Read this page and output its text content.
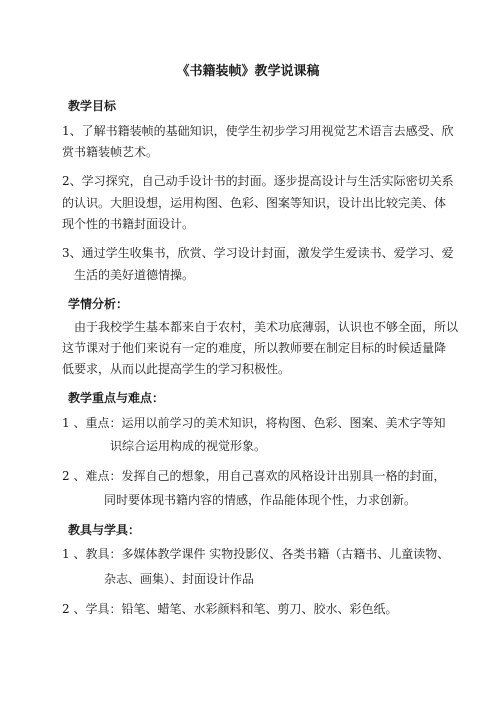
《书籍装帧》教学说课稿
教学目标
1、了解书籍装帧的基础知识，使学生初步学习用视觉艺术语言去感受、欣
赏书籍装帧艺术。
2、学习探究，自己动手设计书的封面。逐步提高设计与生活实际密切关系
的认识。大胆设想，运用构图、色彩、图案等知识，设计出比较完美、体
现个性的书籍封面设计。
3、通过学生收集书，欣赏、学习设计封面，激发学生爱读书、爱学习、爱
生活的美好道德情操。
学情分析：
由于我校学生基本都来自于农村，美术功底薄弱，认识也不够全面，所以
这节课对于他们来说有一定的难度，所以教师要在制定目标的时候适量降
低要求，从而以此提高学生的学习积极性。
教学重点与难点：
1 、重点：运用以前学习的美术知识，将构图、色彩、图案、美术字等知
识综合运用构成的视觉形象。
2 、难点：发挥自己的想象，用自己喜欢的风格设计出别具一格的封面，
同时要体现书籍内容的情感，作品能体现个性，力求创新。
教具与学具：
1 、教具：多媒体教学课件 实物投影仪、各类书籍（古籍书、儿童读物、
杂志、画集）、封面设计作品
2 、学具：铅笔、蜡笔、水彩颜料和笔、剪刀、胶水、彩色纸。
